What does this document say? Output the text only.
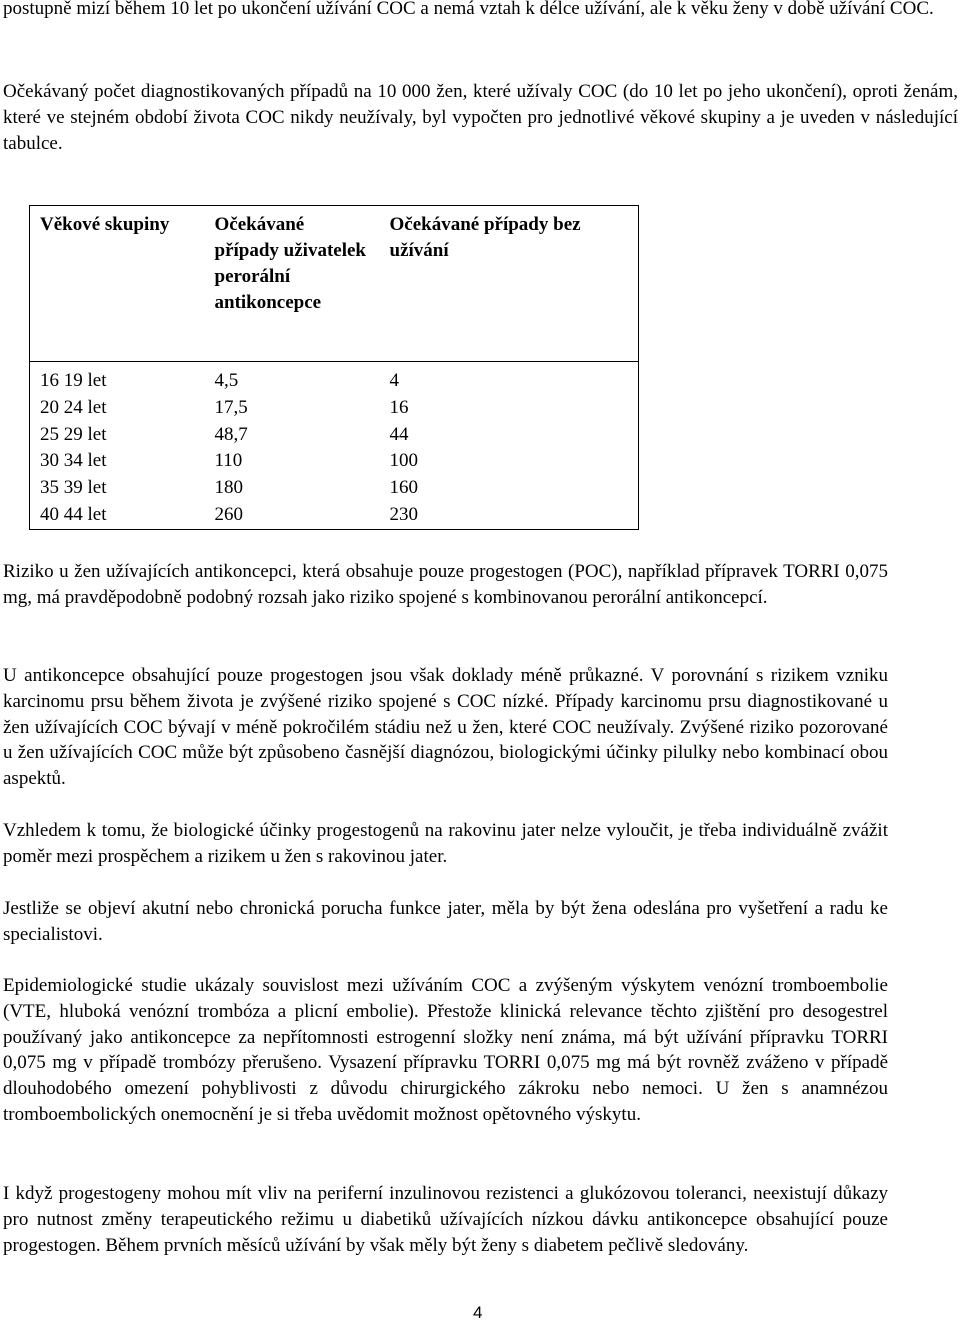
postupně mizí během 10 let po ukončení užívání COC a nemá vztah k délce užívání, ale k věku ženy v době užívání COC.

Očekávaný počet diagnostikovaných případů na 10 000 žen, které užívaly COC (do 10 let po jeho ukončení), oproti ženám, které ve stejném období života COC nikdy neužívaly, byl vypočten pro jednotlivé věkové skupiny a je uveden v následující tabulce.

Věkové skupiny	Očekávané případy uživatelek perorální antikoncepce	Očekávané případy bez užívání
16 19 let	4,5	4
20 24 let	17,5	16
25 29 let	48,7	44
30 34 let	110	100
35 39 let	180	160
40 44 let	260	230

Riziko u žen užívajících antikoncepci, která obsahuje pouze progestogen (POC), například přípravek TORRI 0,075 mg, má pravděpodobně podobný rozsah jako riziko spojené s kombinovanou perorální antikoncepcí.

U antikoncepce obsahující pouze progestogen jsou však doklady méně průkazné. V porovnání s rizikem vzniku karcinomu prsu během života je zvýšené riziko spojené s COC nízké. Případy karcinomu prsu diagnostikované u žen užívajících COC bývají v méně pokročilém stádiu než u žen, které COC neužívaly. Zvýšené riziko pozorované u žen užívajících COC může být způsobeno časnější diagnózou, biologickými účinky pilulky nebo kombinací obou aspektů.

Vzhledem k tomu, že biologické účinky progestogenů na rakovinu jater nelze vyloučit, je třeba individuálně zvážit poměr mezi prospěchem a rizikem u žen s rakovinou jater.

Jestliže se objeví akutní nebo chronická porucha funkce jater, měla by být žena odeslána pro vyšetření a radu ke specialistovi.

Epidemiologické studie ukázaly souvislost mezi užíváním COC a zvýšeným výskytem venózní tromboembolie (VTE, hluboká venózní trombóza a plicní embolie). Přestože klinická relevance těchto zjištění pro desogestrel používaný jako antikoncepce za nepřítomnosti estrogenní složky není známa, má být užívání přípravku TORRI 0,075 mg v případě trombózy přerušeno. Vysazení přípravku TORRI 0,075 mg má být rovněž zváženo v případě dlouhodobého omezení pohyblivosti z důvodu chirurgického zákroku nebo nemoci. U žen s anamnézou tromboembolických onemocnění je si třeba uvědomit možnost opětovného výskytu.

I když progestogeny mohou mít vliv na periferní inzulinovou rezistenci a glukózovou toleranci, neexistují důkazy pro nutnost změny terapeutického režimu u diabetiků užívajících nízkou dávku antikoncepce obsahující pouze progestogen. Během prvních měsíců užívání by však měly být ženy s diabetem pečlivě sledovány.

4
